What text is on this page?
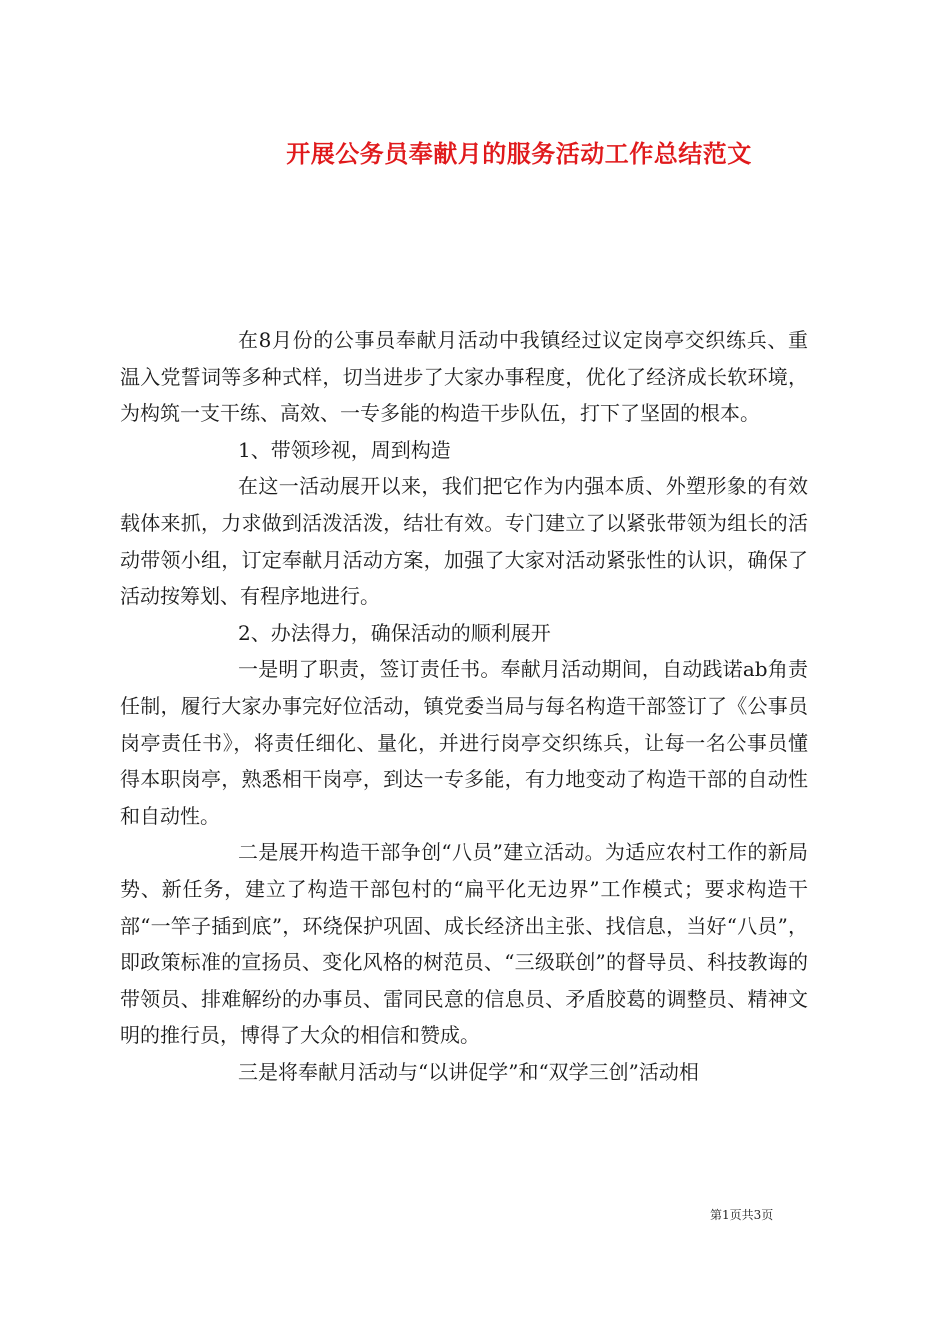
开展公务员奉献月的服务活动工作总结范文

在8月份的公事员奉献月活动中我镇经过议定岗亭交织练兵、重温入党誓词等多种式样，切当进步了大家办事程度，优化了经济成长软环境，为构筑一支干练、高效、一专多能的构造干步队伍，打下了坚固的根本。

1、带领珍视，周到构造

在这一活动展开以来，我们把它作为内强本质、外塑形象的有效载体来抓，力求做到活泼活泼，结壮有效。专门建立了以紧张带领为组长的活动带领小组，订定奉献月活动方案，加强了大家对活动紧张性的认识，确保了活动按筹划、有程序地进行。

2、办法得力，确保活动的顺利展开

一是明了职责，签订责任书。奉献月活动期间，自动践诺ab角责任制，履行大家办事完好位活动，镇党委当局与每名构造干部签订了《公事员岗亭责任书》，将责任细化、量化，并进行岗亭交织练兵，让每一名公事员懂得本职岗亭，熟悉相干岗亭，到达一专多能，有力地变动了构造干部的自动性和自动性。

二是展开构造干部争创“八员”建立活动。为适应农村工作的新局势、新任务，建立了构造干部包村的“扁平化无边界”工作模式；要求构造干部“一竿子插到底”，环绕保护巩固、成长经济出主张、找信息，当好“八员”，即政策标准的宣扬员、变化风格的树范员、“三级联创”的督导员、科技教诲的带领员、排难解纷的办事员、雷同民意的信息员、矛盾胶葛的调整员、精神文明的推行员，博得了大众的相信和赞成。

三是将奉献月活动与“以讲促学”和“双学三创”活动相

第1页共3页
